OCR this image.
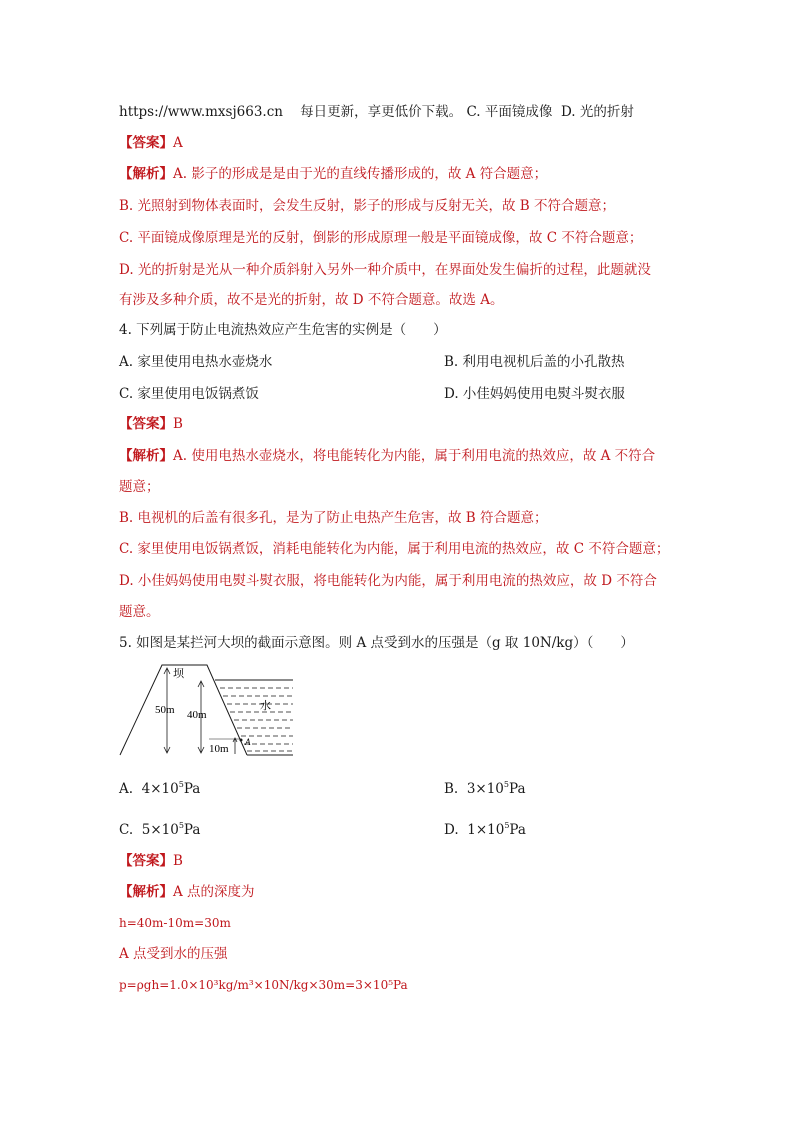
https://www.mxsj663.cn 每日更新，享更低价下载。 C. 平面镜成像 D. 光的折射
【答案】A
【解析】A. 影子的形成是是由于光的直线传播形成的，故 A 符合题意；
B. 光照射到物体表面时，会发生反射，影子的形成与反射无关，故 B 不符合题意；
C. 平面镜成像原理是光的反射，倒影的形成原理一般是平面镜成像，故 C 不符合题意；
D. 光的折射是光从一种介质斜射入另外一种介质中，在界面处发生偏折的过程，此题就没
有涉及多种介质，故不是光的折射，故 D 不符合题意。故选 A。
4. 下列属于防止电流热效应产生危害的实例是（　　）
A. 家里使用电热水壶烧水	B. 利用电视机后盖的小孔散热
C. 家里使用电饭锅煮饭	D. 小佳妈妈使用电熨斗熨衣服
【答案】B
【解析】A. 使用电热水壶烧水，将电能转化为内能，属于利用电流的热效应，故 A 不符合
题意；
B. 电视机的后盖有很多孔，是为了防止电热产生危害，故 B 符合题意；
C. 家里使用电饭锅煮饭，消耗电能转化为内能，属于利用电流的热效应，故 C 不符合题意；
D. 小佳妈妈使用电熨斗熨衣服，将电能转化为内能，属于利用电流的热效应，故 D 不符合
题意。
5. 如图是某拦河大坝的截面示意图。则 A 点受到水的压强是（g 取 10N/kg）（　　）
坝
50m 40m
水
10m
A
A. $4\times 10^5Pa$	B. $3\times 10^5Pa$
C. $5\times 10^5Pa$	D. $1\times 10^5Pa$
【答案】B
【解析】A 点的深度为
h=40m-10m=30m
A 点受到水的压强
p=ρgh=1.0×10³kg/m³×10N/kg×30m=3×10⁵Pa
